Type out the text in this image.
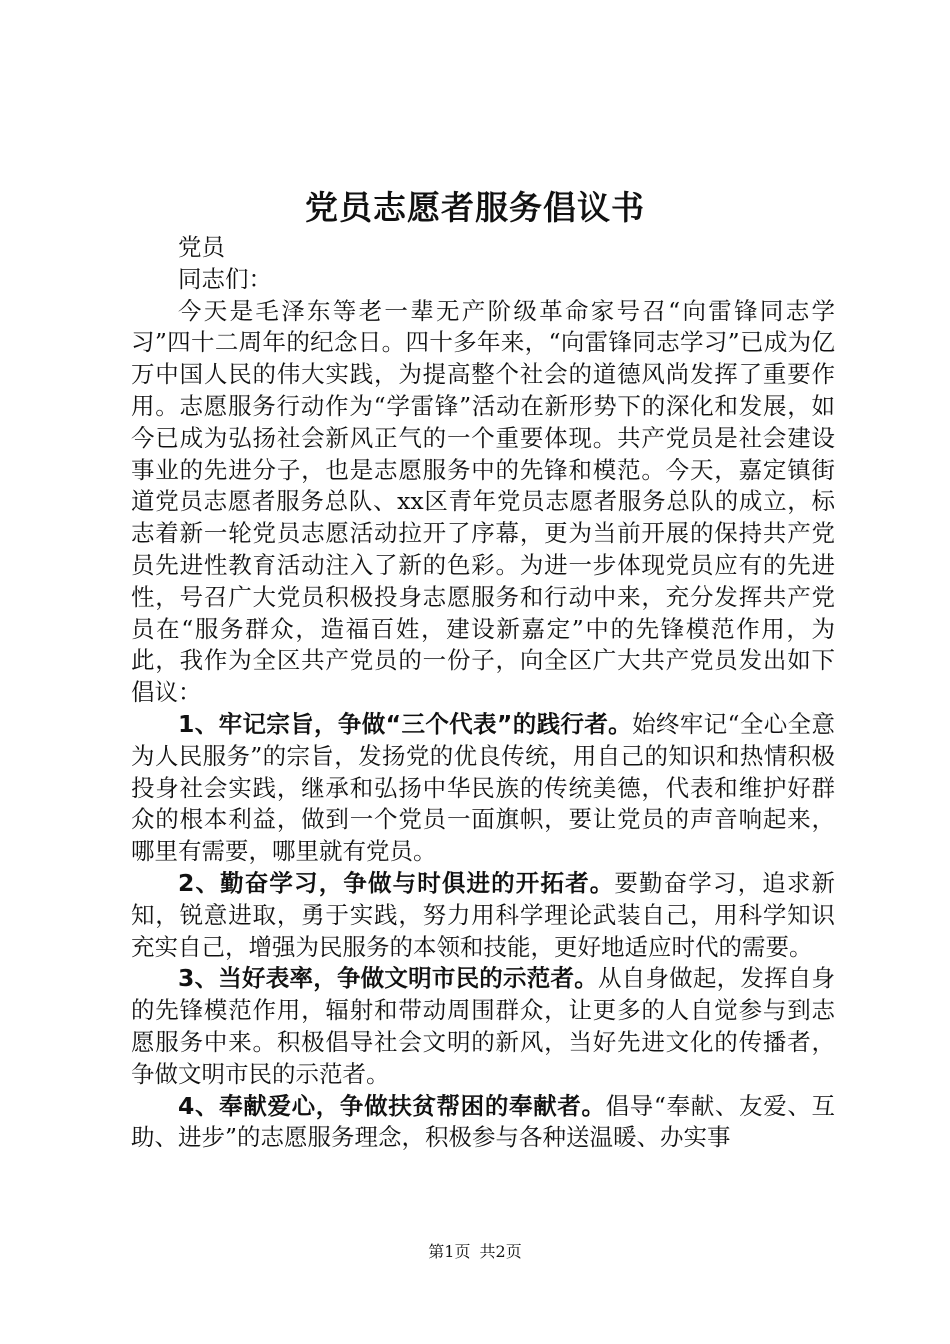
党员志愿者服务倡议书

党员

同志们：

今天是毛泽东等老一辈无产阶级革命家号召“向雷锋同志学习”四十二周年的纪念日。四十多年来，“向雷锋同志学习”已成为亿万中国人民的伟大实践，为提高整个社会的道德风尚发挥了重要作用。志愿服务行动作为“学雷锋”活动在新形势下的深化和发展，如今已成为弘扬社会新风正气的一个重要体现。共产党员是社会建设事业的先进分子，也是志愿服务中的先锋和模范。今天，嘉定镇街道党员志愿者服务总队、xx区青年党员志愿者服务总队的成立，标志着新一轮党员志愿活动拉开了序幕，更为当前开展的保持共产党员先进性教育活动注入了新的色彩。为进一步体现党员应有的先进性，号召广大党员积极投身志愿服务和行动中来，充分发挥共产党员在“服务群众，造福百姓，建设新嘉定”中的先锋模范作用，为此，我作为全区共产党员的一份子，向全区广大共产党员发出如下倡议：

1、牢记宗旨，争做“三个代表”的践行者。始终牢记“全心全意为人民服务”的宗旨，发扬党的优良传统，用自己的知识和热情积极投身社会实践，继承和弘扬中华民族的传统美德，代表和维护好群众的根本利益，做到一个党员一面旗帜，要让党员的声音响起来，哪里有需要，哪里就有党员。

2、勤奋学习，争做与时俱进的开拓者。要勤奋学习，追求新知，锐意进取，勇于实践，努力用科学理论武装自己，用科学知识充实自己，增强为民服务的本领和技能，更好地适应时代的需要。

3、当好表率，争做文明市民的示范者。从自身做起，发挥自身的先锋模范作用，辐射和带动周围群众，让更多的人自觉参与到志愿服务中来。积极倡导社会文明的新风，当好先进文化的传播者，争做文明市民的示范者。

4、奉献爱心，争做扶贫帮困的奉献者。倡导“奉献、友爱、互助、进步”的志愿服务理念，积极参与各种送温暖、办实事

第1页 共2页
